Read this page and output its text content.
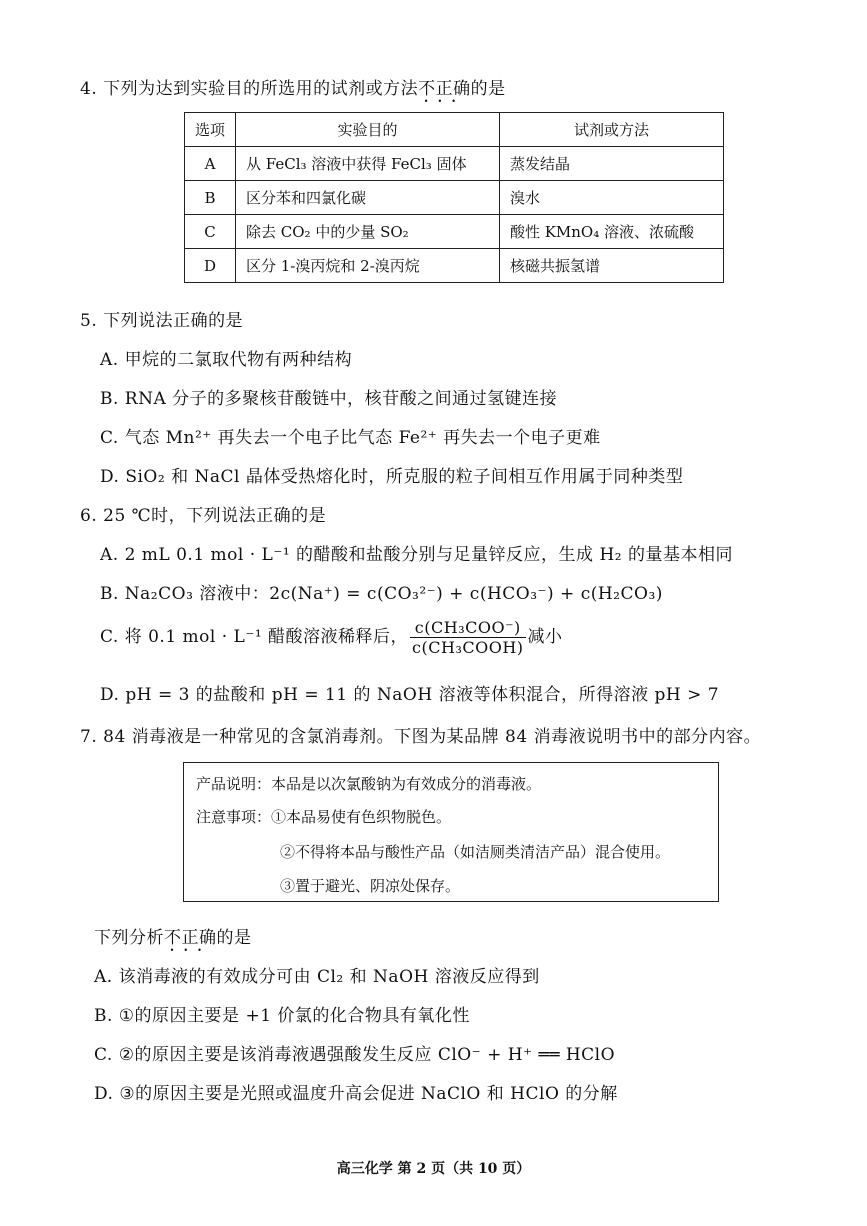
4. 下列为达到实验目的所选用的试剂或方法不正确 •••的是
选项	实验目的	试剂或方法
A	从 FeCl₃ 溶液中获得 FeCl₃ 固体	蒸发结晶
B	区分苯和四氯化碳	溴水
C	除去 CO₂ 中的少量 SO₂	酸性 KMnO₄ 溶液、浓硫酸
D	区分 1-溴丙烷和 2-溴丙烷	核磁共振氢谱
5. 下列说法正确的是
A. 甲烷的二氯取代物有两种结构
B. RNA 分子的多聚核苷酸链中，核苷酸之间通过氢键连接
C. 气态 Mn²⁺ 再失去一个电子比气态 Fe²⁺ 再失去一个电子更难
D. SiO₂ 和 NaCl 晶体受热熔化时，所克服的粒子间相互作用属于同种类型
6. 25 ℃时，下列说法正确的是
A. 2 mL 0.1 mol · L⁻¹ 的醋酸和盐酸分别与足量锌反应，生成 H₂ 的量基本相同
B. Na₂CO₃ 溶液中：2c(Na⁺) = c(CO₃²⁻) + c(HCO₃⁻) + c(H₂CO₃)
C. 将 0.1 mol · L⁻¹ 醋酸溶液稀释后， $\frac{\text{c(CH₃COO⁻)}}{\text{c(CH₃COOH)}}$ 减小
D. pH = 3 的盐酸和 pH = 11 的 NaOH 溶液等体积混合，所得溶液 pH > 7
7. 84 消毒液是一种常见的含氯消毒剂。下图为某品牌 84 消毒液说明书中的部分内容。
产品说明：本品是以次氯酸钠为有效成分的消毒液。
注意事项：①本品易使有色织物脱色。
②不得将本品与酸性产品（如洁厕类清洁产品）混合使用。
③置于避光、阴凉处保存。
下列分析不正确 •••的是
A. 该消毒液的有效成分可由 Cl₂ 和 NaOH 溶液反应得到
B. ①的原因主要是 +1 价氯的化合物具有氧化性
C. ②的原因主要是该消毒液遇强酸发生反应 ClO⁻ + H⁺ ══ HClO
D. ③的原因主要是光照或温度升高会促进 NaClO 和 HClO 的分解
高三化学 第 2 页（共 10 页）
